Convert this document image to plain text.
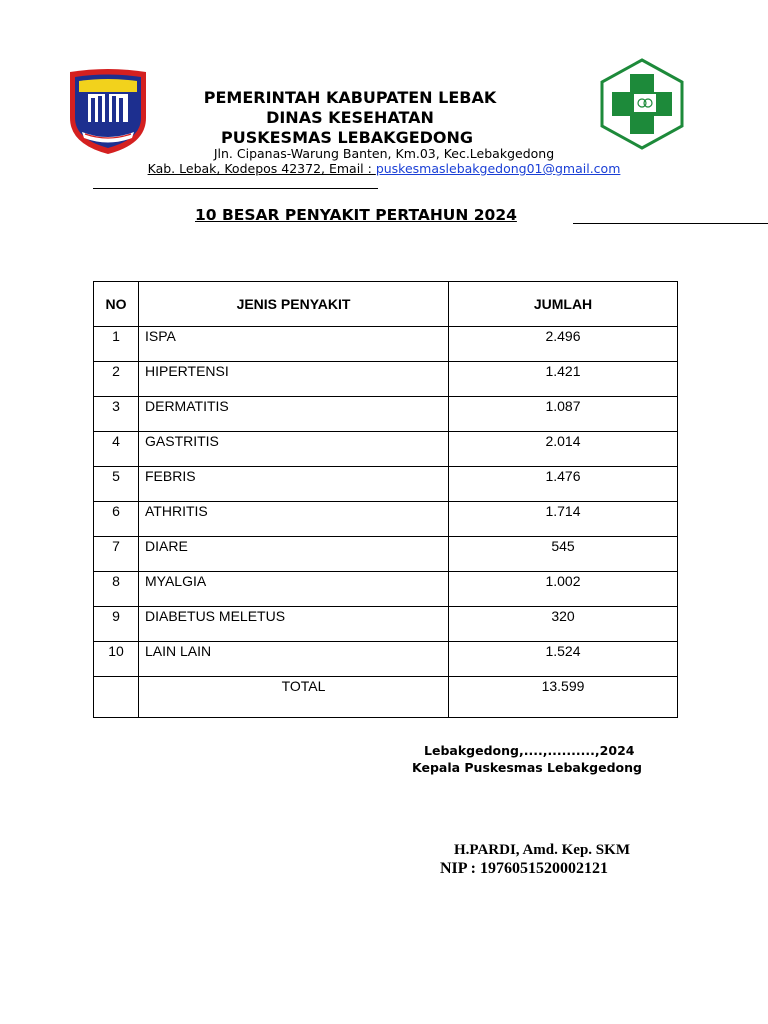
PEMERINTAH KABUPATEN LEBAK
DINAS KESEHATAN
PUSKESMAS LEBAKGEDONG
Jln. Cipanas-Warung Banten, Km.03, Kec.Lebakgedong
Kab. Lebak, Kodepos 42372, Email : puskesmaslebakgedong01@gmail.com
10 BESAR PENYAKIT PERTAHUN 2024
NO	JENIS PENYAKIT	JUMLAH
1	ISPA	2.496
2	HIPERTENSI	1.421
3	DERMATITIS	1.087
4	GASTRITIS	2.014
5	FEBRIS	1.476
6	ATHRITIS	1.714
7	DIARE	545
8	MYALGIA	1.002
9	DIABETUS MELETUS	320
10	LAIN LAIN	1.524
	TOTAL	13.599
Lebakgedong,....,..........,2024
Kepala Puskesmas Lebakgedong
H.PARDI, Amd. Kep. SKM
NIP : 1976051520002121
